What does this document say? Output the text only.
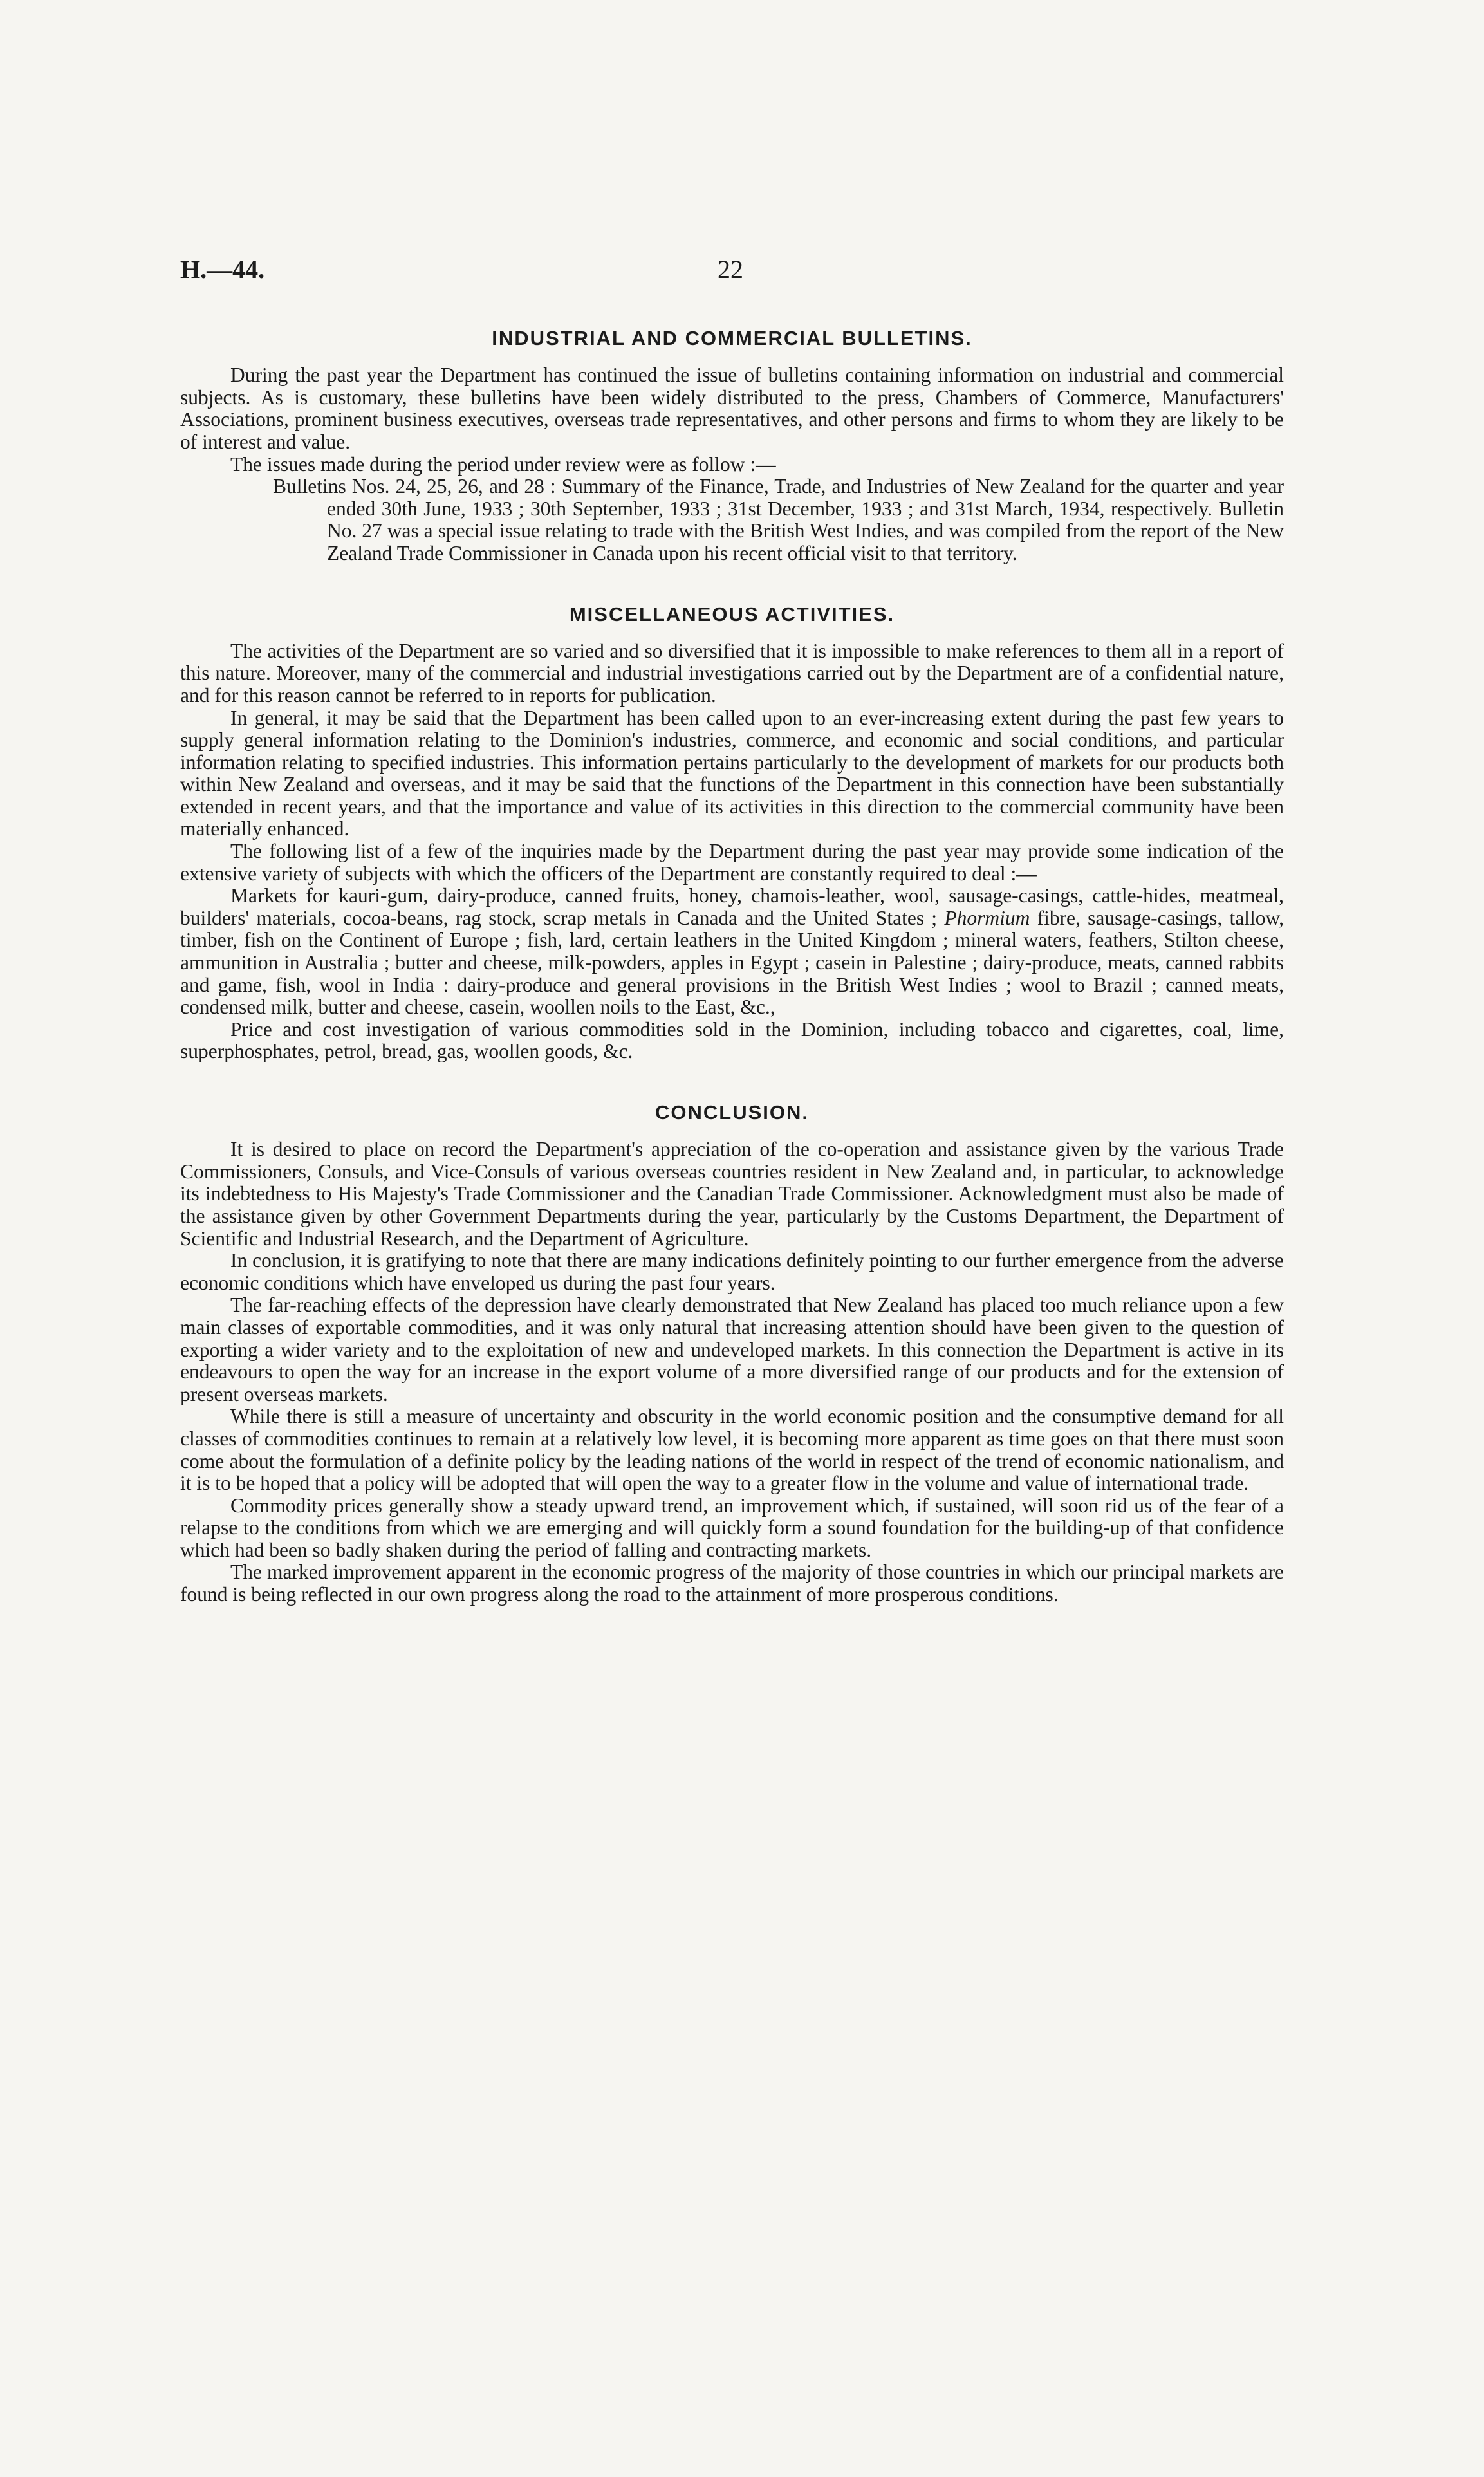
H.—44.	22
INDUSTRIAL AND COMMERCIAL BULLETINS.

During the past year the Department has continued the issue of bulletins containing information on industrial and commercial subjects. As is customary, these bulletins have been widely distributed to the press, Chambers of Commerce, Manufacturers' Associations, prominent business executives, overseas trade representatives, and other persons and firms to whom they are likely to be of interest and value.

The issues made during the period under review were as follow :—

Bulletins Nos. 24, 25, 26, and 28 : Summary of the Finance, Trade, and Industries of New Zealand for the quarter and year ended 30th June, 1933 ; 30th September, 1933 ; 31st December, 1933 ; and 31st March, 1934, respectively. Bulletin No. 27 was a special issue relating to trade with the British West Indies, and was compiled from the report of the New Zealand Trade Commissioner in Canada upon his recent official visit to that territory.

MISCELLANEOUS ACTIVITIES.

The activities of the Department are so varied and so diversified that it is impossible to make references to them all in a report of this nature. Moreover, many of the commercial and industrial investigations carried out by the Department are of a confidential nature, and for this reason cannot be referred to in reports for publication.

In general, it may be said that the Department has been called upon to an ever-increasing extent during the past few years to supply general information relating to the Dominion's industries, commerce, and economic and social conditions, and particular information relating to specified industries. This information pertains particularly to the development of markets for our products both within New Zealand and overseas, and it may be said that the functions of the Department in this connection have been substantially extended in recent years, and that the importance and value of its activities in this direction to the commercial community have been materially enhanced.

The following list of a few of the inquiries made by the Department during the past year may provide some indication of the extensive variety of subjects with which the officers of the Department are constantly required to deal :—

Markets for kauri-gum, dairy-produce, canned fruits, honey, chamois-leather, wool, sausage-casings, cattle-hides, meatmeal, builders' materials, cocoa-beans, rag stock, scrap metals in Canada and the United States ; Phormium fibre, sausage-casings, tallow, timber, fish on the Continent of Europe ; fish, lard, certain leathers in the United Kingdom ; mineral waters, feathers, Stilton cheese, ammunition in Australia ; butter and cheese, milk-powders, apples in Egypt ; casein in Palestine ; dairy-produce, meats, canned rabbits and game, fish, wool in India : dairy-produce and general provisions in the British West Indies ; wool to Brazil ; canned meats, condensed milk, butter and cheese, casein, woollen noils to the East, &c.,

Price and cost investigation of various commodities sold in the Dominion, including tobacco and cigarettes, coal, lime, superphosphates, petrol, bread, gas, woollen goods, &c.

CONCLUSION.

It is desired to place on record the Department's appreciation of the co-operation and assistance given by the various Trade Commissioners, Consuls, and Vice-Consuls of various overseas countries resident in New Zealand and, in particular, to acknowledge its indebtedness to His Majesty's Trade Commissioner and the Canadian Trade Commissioner. Acknowledgment must also be made of the assistance given by other Government Departments during the year, particularly by the Customs Department, the Department of Scientific and Industrial Research, and the Department of Agriculture.

In conclusion, it is gratifying to note that there are many indications definitely pointing to our further emergence from the adverse economic conditions which have enveloped us during the past four years.

The far-reaching effects of the depression have clearly demonstrated that New Zealand has placed too much reliance upon a few main classes of exportable commodities, and it was only natural that increasing attention should have been given to the question of exporting a wider variety and to the exploitation of new and undeveloped markets. In this connection the Department is active in its endeavours to open the way for an increase in the export volume of a more diversified range of our products and for the extension of present overseas markets.

While there is still a measure of uncertainty and obscurity in the world economic position and the consumptive demand for all classes of commodities continues to remain at a relatively low level, it is becoming more apparent as time goes on that there must soon come about the formulation of a definite policy by the leading nations of the world in respect of the trend of economic nationalism, and it is to be hoped that a policy will be adopted that will open the way to a greater flow in the volume and value of international trade.

Commodity prices generally show a steady upward trend, an improvement which, if sustained, will soon rid us of the fear of a relapse to the conditions from which we are emerging and will quickly form a sound foundation for the building-up of that confidence which had been so badly shaken during the period of falling and contracting markets.

The marked improvement apparent in the economic progress of the majority of those countries in which our principal markets are found is being reflected in our own progress along the road to the attainment of more prosperous conditions.
